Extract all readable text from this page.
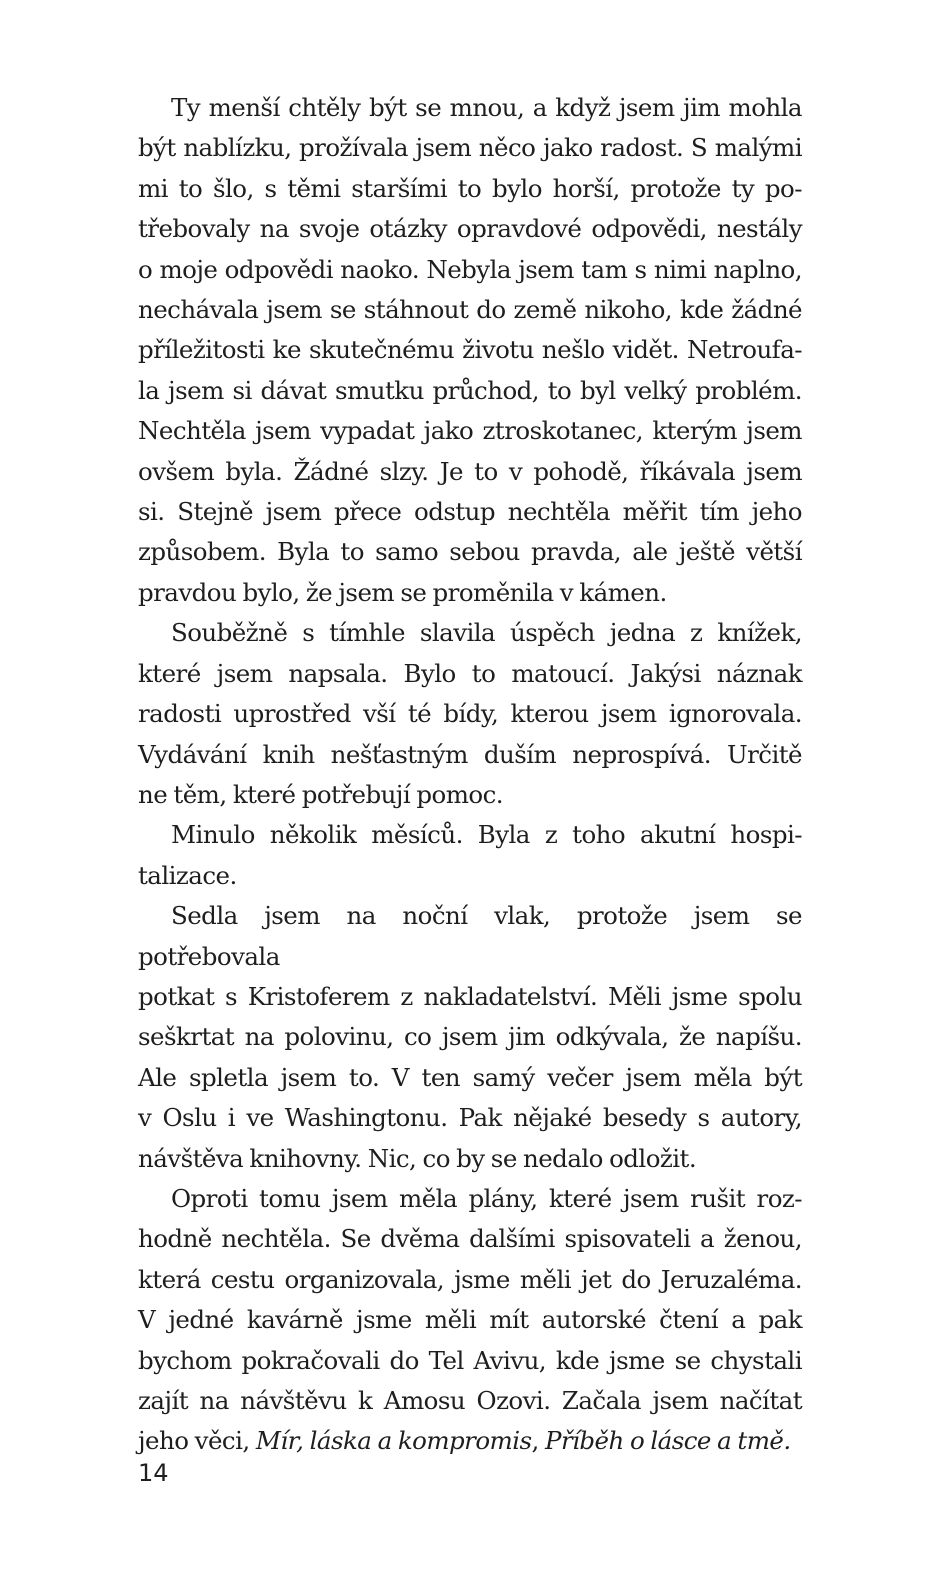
Ty menší chtěly být se mnou, a když jsem jim mohla
být nablízku, prožívala jsem něco jako radost. S malými
mi to šlo, s těmi staršími to bylo horší, protože ty po-
třebovaly na svoje otázky opravdové odpovědi, nestály
o moje odpovědi naoko. Nebyla jsem tam s nimi naplno,
nechávala jsem se stáhnout do země nikoho, kde žádné
příležitosti ke skutečnému životu nešlo vidět. Netroufa-
la jsem si dávat smutku průchod, to byl velký problém.
Nechtěla jsem vypadat jako ztroskotanec, kterým jsem
ovšem byla. Žádné slzy. Je to v pohodě, říkávala jsem
si. Stejně jsem přece odstup nechtěla měřit tím jeho
způsobem. Byla to samo sebou pravda, ale ještě větší
pravdou bylo, že jsem se proměnila v kámen.

Souběžně s tímhle slavila úspěch jedna z knížek,
které jsem napsala. Bylo to matoucí. Jakýsi náznak
radosti uprostřed vší té bídy, kterou jsem ignorovala.
Vydávání knih nešťastným duším neprospívá. Určitě
ne těm, které potřebují pomoc.

Minulo několik měsíců. Byla z toho akutní hospi-
talizace.

Sedla jsem na noční vlak, protože jsem se potřebovala
potkat s Kristoferem z nakladatelství. Měli jsme spolu
seškrtat na polovinu, co jsem jim odkývala, že napíšu.
Ale spletla jsem to. V ten samý večer jsem měla být
v Oslu i ve Washingtonu. Pak nějaké besedy s autory,
návštěva knihovny. Nic, co by se nedalo odložit.

Oproti tomu jsem měla plány, které jsem rušit roz-
hodně nechtěla. Se dvěma dalšími spisovateli a ženou,
která cestu organizovala, jsme měli jet do Jeruzaléma.
V jedné kavárně jsme měli mít autorské čtení a pak
bychom pokračovali do Tel Avivu, kde jsme se chystali
zajít na návštěvu k Amosu Ozovi. Začala jsem načítat
jeho věci, Mír, láska a kompromis, Příběh o lásce a tmě.

14
